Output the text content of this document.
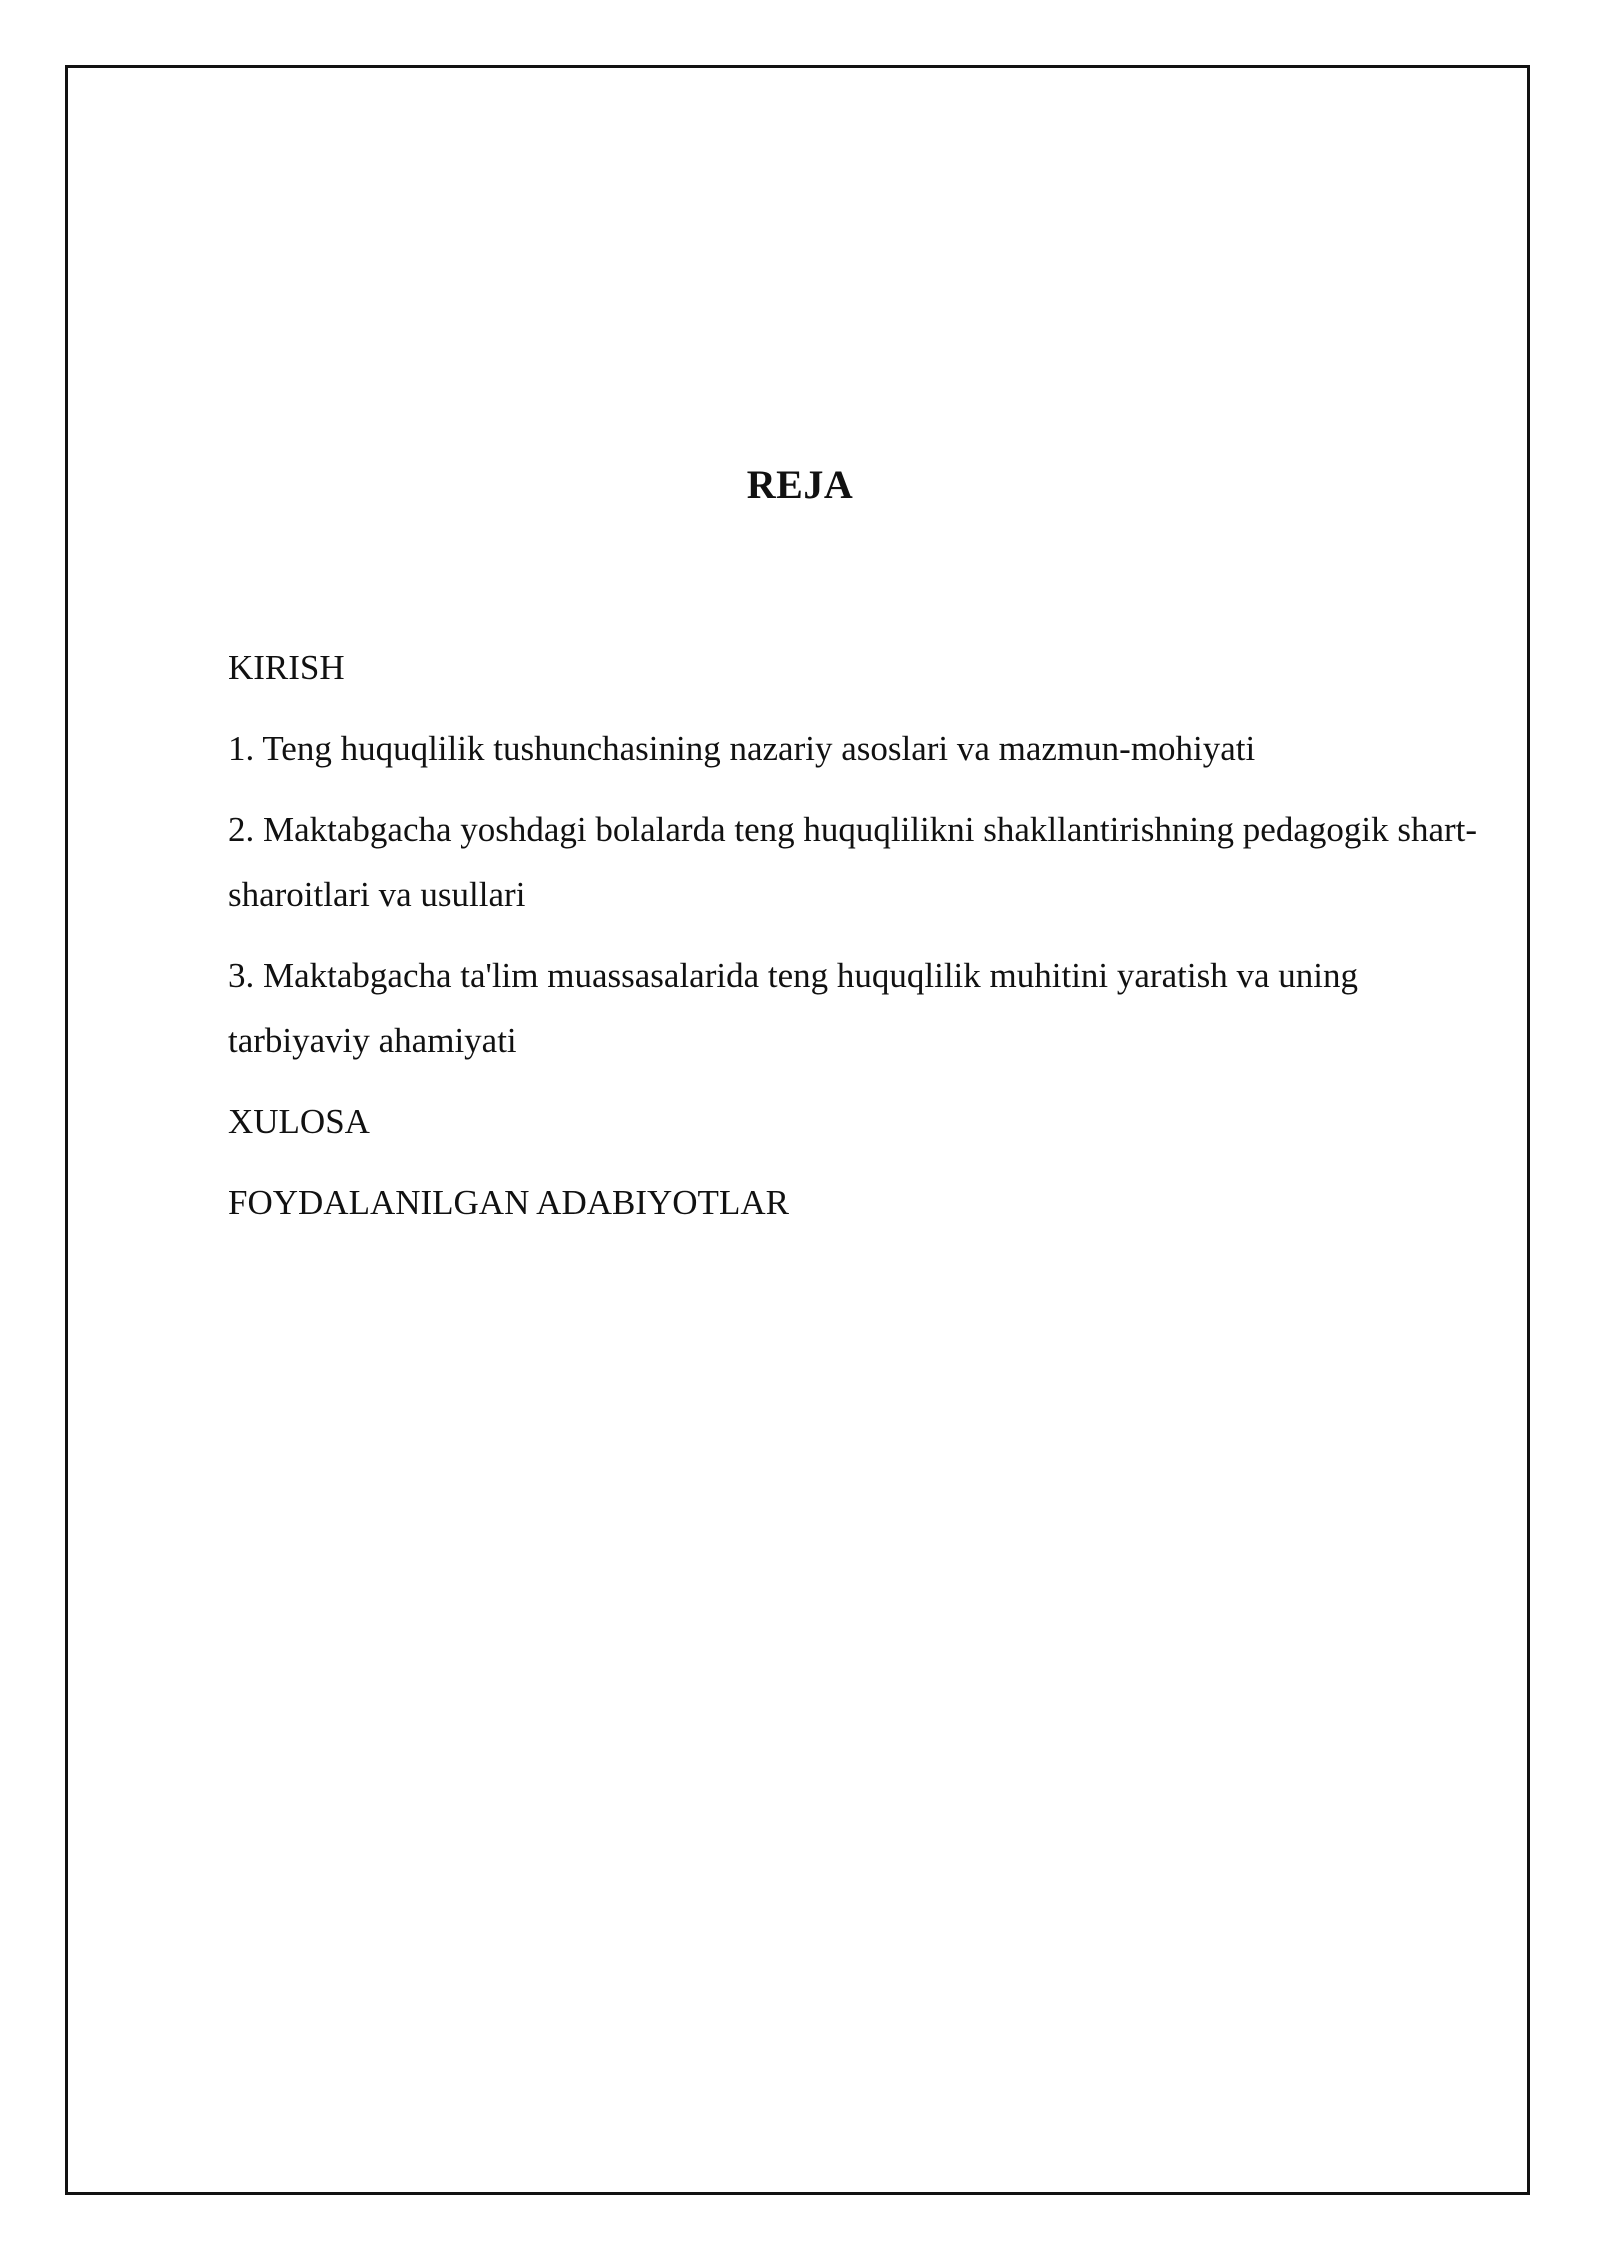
REJA
KIRISH
1. Teng huquqlilik tushunchasining nazariy asoslari va mazmun-mohiyati
2. Maktabgacha yoshdagi bolalarda teng huquqlilikni shakllantirishning pedagogik shart-sharoitlari va usullari
3. Maktabgacha ta'lim muassasalarida teng huquqlilik muhitini yaratish va uning tarbiyaviy ahamiyati
XULOSA
FOYDALANILGAN ADABIYOTLAR
